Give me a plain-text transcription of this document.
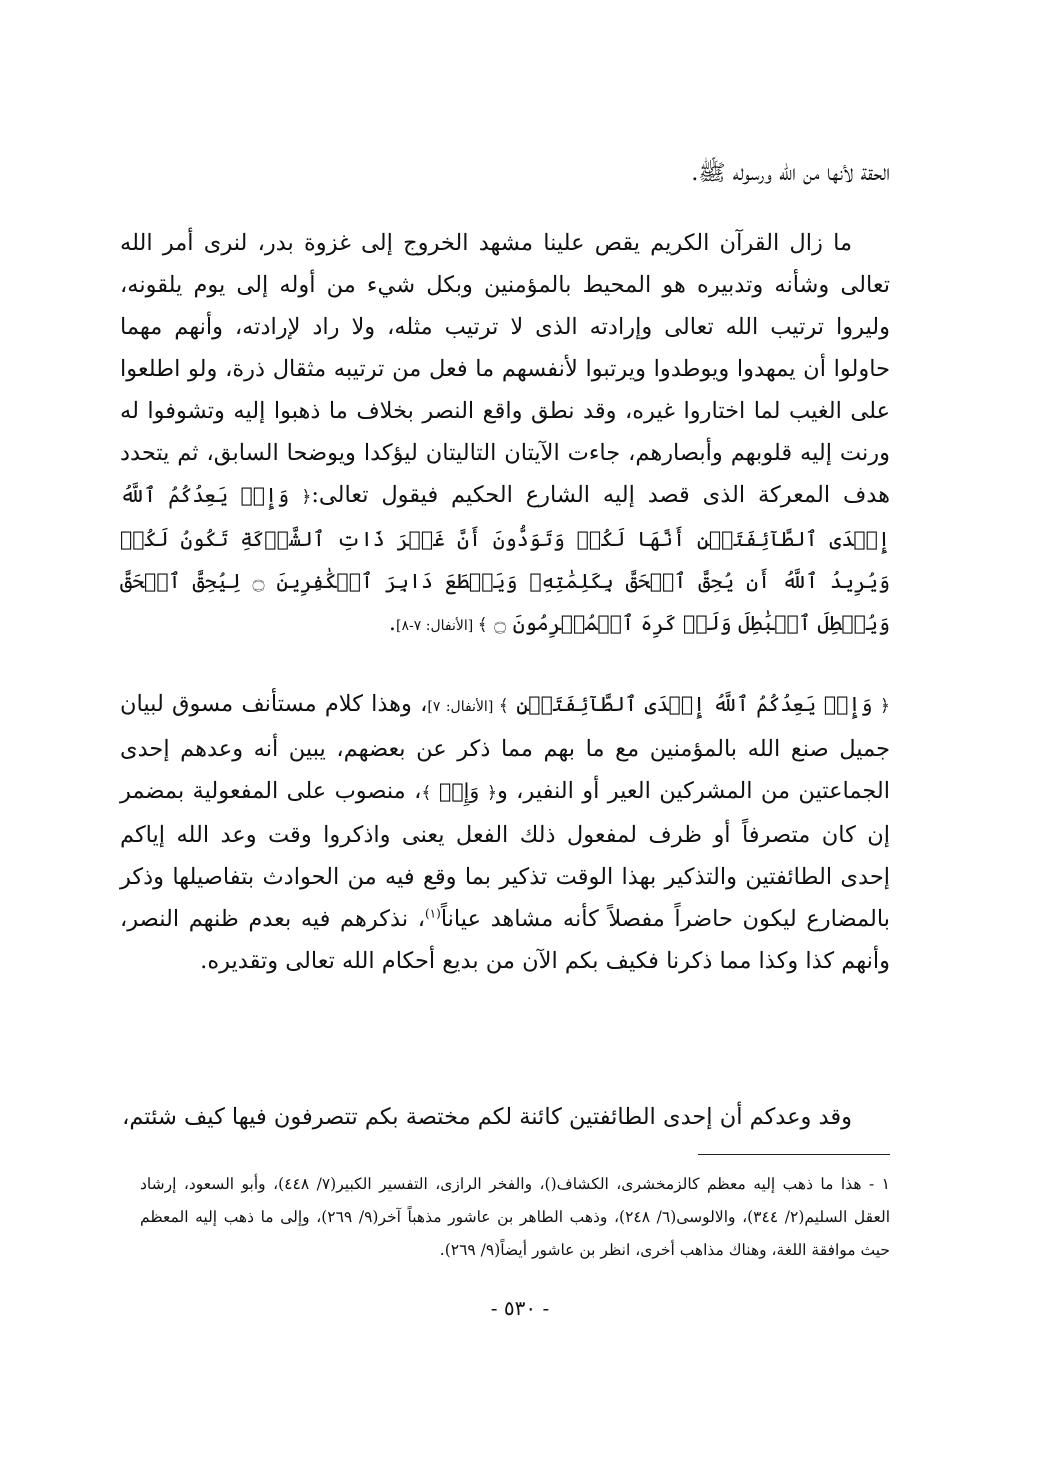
الحقة لأنها من الله ورسوله ﷺ.

ما زال القرآن الكريم يقص علينا مشهد الخروج إلى غزوة بدر، لنرى أمر الله تعالى وشأنه وتدبيره هو المحيط بالمؤمنين وبكل شيء من أوله إلى يوم يلقونه، وليروا ترتيب الله تعالى وإرادته الذى لا ترتيب مثله، ولا راد لإرادته، وأنهم مهما حاولوا أن يمهدوا ويوطدوا ويرتبوا لأنفسهم ما فعل من ترتيبه مثقال ذرة، ولو اطلعوا على الغيب لما اختاروا غيره، وقد نطق واقع النصر بخلاف ما ذهبوا إليه وتشوفوا له ورنت إليه قلوبهم وأبصارهم، جاءت الآيتان التاليتان ليؤكدا ويوضحا السابق، ثم يتحدد هدف المعركة الذى قصد إليه الشارع الحكيم فيقول تعالى:﴿ وَإِذۡ يَعِدُكُمُ ٱللَّهُ إِحۡدَى ٱلطَّآئِفَتَيۡنِ أَنَّهَا لَكُمۡ وَتَوَدُّونَ أَنَّ غَيۡرَ ذَاتِ ٱلشَّوۡكَةِ تَكُونُ لَكُمۡ وَيُرِيدُ ٱللَّهُ أَن يُحِقَّ ٱلۡحَقَّ بِكَلِمَٰتِهِۦ وَيَقۡطَعَ دَابِرَ ٱلۡكَٰفِرِينَ ۝ لِيُحِقَّ ٱلۡحَقَّ وَيُبۡطِلَ ٱلۡبَٰطِلَ وَلَوۡ كَرِهَ ٱلۡمُجۡرِمُونَ ۝ ﴾ [الأنفال: ٧-٨].

﴿ وَإِذۡ يَعِدُكُمُ ٱللَّهُ إِحۡدَى ٱلطَّآئِفَتَيۡنِ ﴾ [الأنفال: ٧]، وهذا كلام مستأنف مسوق لبيان جميل صنع الله بالمؤمنين مع ما بهم مما ذكر عن بعضهم، يبين أنه وعدهم إحدى الجماعتين من المشركين العير أو النفير، و﴿ وَإِذۡ ﴾، منصوب على المفعولية بمضمر إن كان متصرفاً أو ظرف لمفعول ذلك الفعل يعنى واذكروا وقت وعد الله إياكم إحدى الطائفتين والتذكير بهذا الوقت تذكير بما وقع فيه من الحوادث بتفاصيلها وذكر بالمضارع ليكون حاضراً مفصلاً كأنه مشاهد عياناً$^{(١)}$، نذكرهم فيه بعدم ظنهم النصر، وأنهم كذا وكذا مما ذكرنا فكيف بكم الآن من بديع أحكام الله تعالى وتقديره.

وقد وعدكم أن إحدى الطائفتين كائنة لكم مختصة بكم تتصرفون فيها كيف شئتم،

١ - هذا ما ذهب إليه معظم كالزمخشرى، الكشاف()، والفخر الرازى، التفسير الكبير(٧/ ٤٤٨)، وأبو السعود، إرشاد العقل السليم(٢/ ٣٤٤)، والالوسى(٦/ ٢٤٨)، وذهب الطاهر بن عاشور مذهباً آخر(٩/ ٢٦٩)، وإلى ما ذهب إليه المعظم حيث موافقة اللغة، وهناك مذاهب أخرى، انظر بن عاشور أيضاً(٩/ ٢٦٩).

- ٥٣٠ -
